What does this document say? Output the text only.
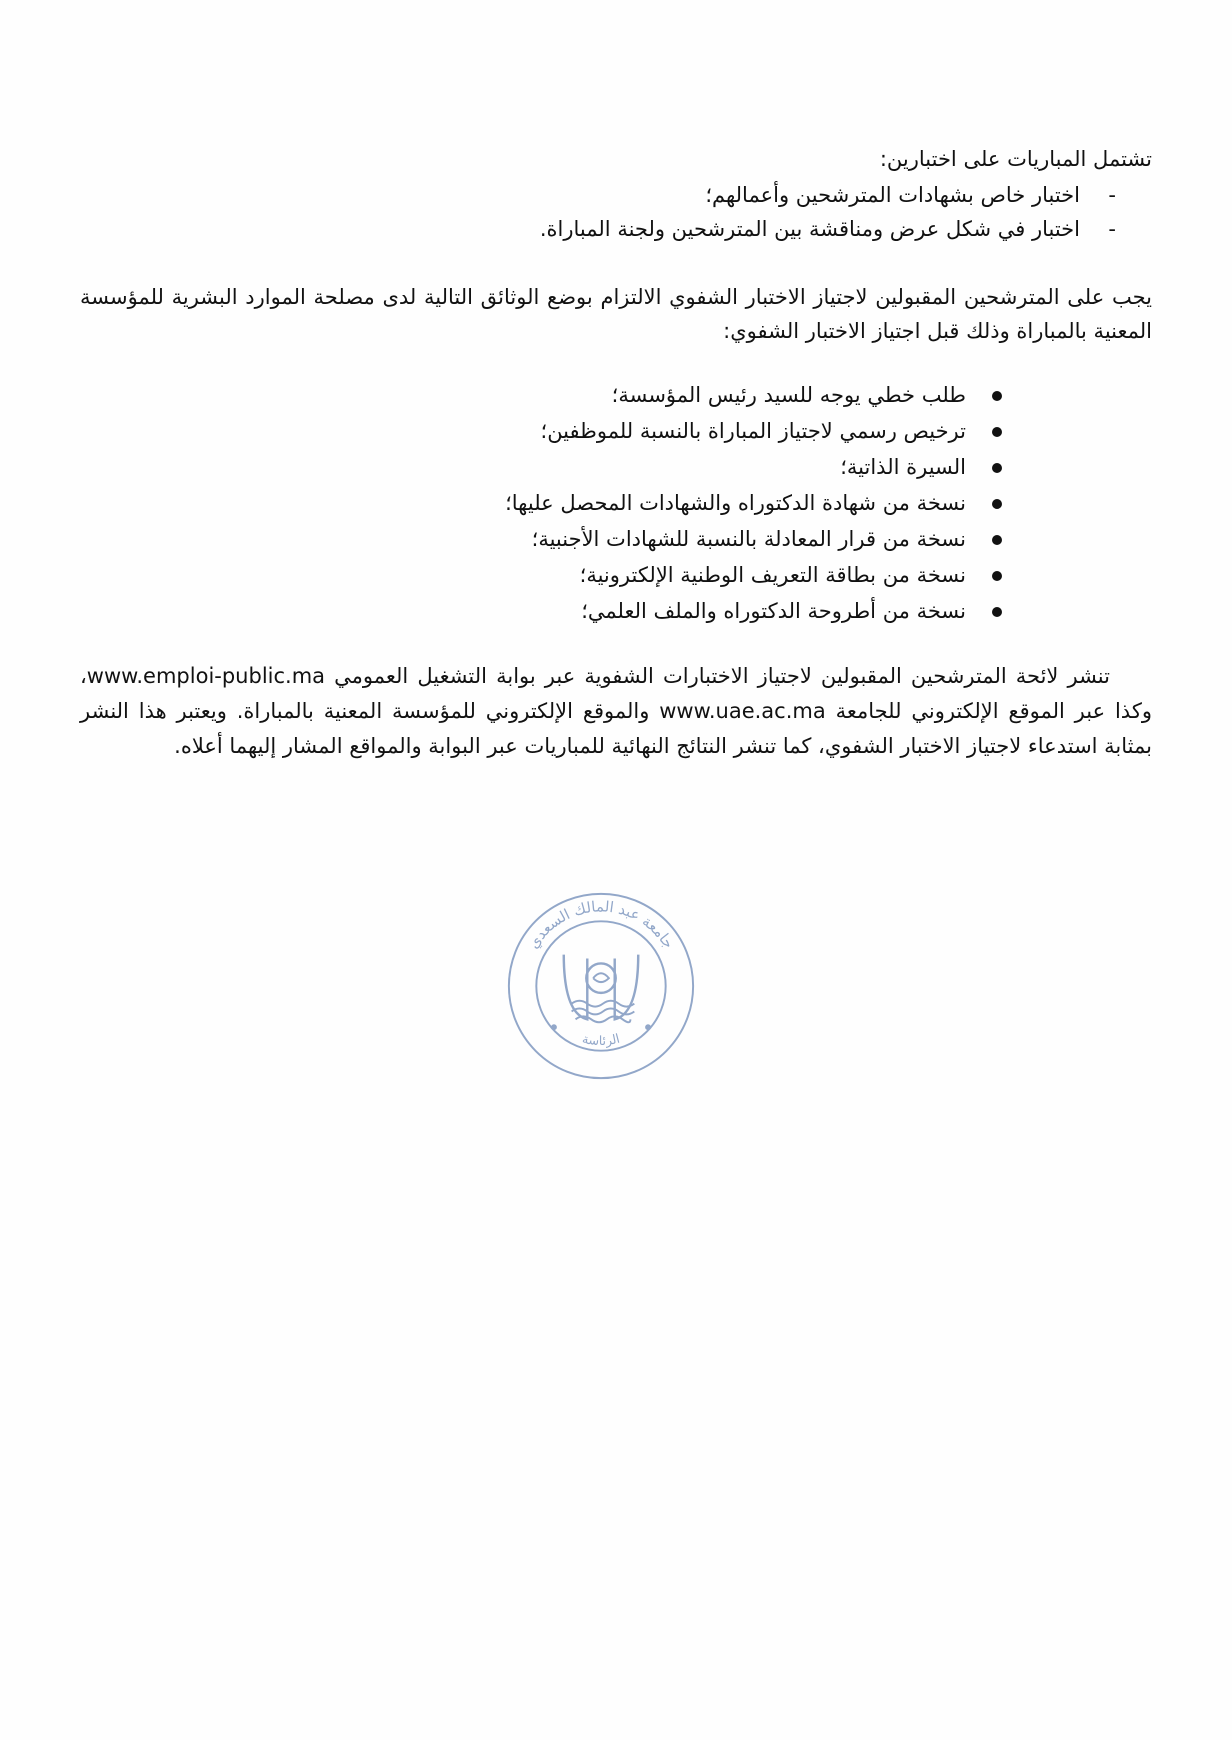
تشتمل المباريات على اختبارين:

-
اختبار خاص بشهادات المترشحين وأعمالهم؛
-
اختبار في شكل عرض ومناقشة بين المترشحين ولجنة المباراة.

يجب على المترشحين المقبولين لاجتياز الاختبار الشفوي الالتزام بوضع الوثائق التالية لدى مصلحة الموارد البشرية للمؤسسة المعنية بالمباراة وذلك قبل اجتياز الاختبار الشفوي:

طلب خطي يوجه للسيد رئيس المؤسسة؛
ترخيص رسمي لاجتياز المباراة بالنسبة للموظفين؛
السيرة الذاتية؛
نسخة من شهادة الدكتوراه والشهادات المحصل عليها؛
نسخة من قرار المعادلة بالنسبة للشهادات الأجنبية؛
نسخة من بطاقة التعريف الوطنية الإلكترونية؛
نسخة من أطروحة الدكتوراه والملف العلمي؛

تنشر لائحة المترشحين المقبولين لاجتياز الاختبارات الشفوية عبر بوابة التشغيل العمومي www.emploi-public.ma، وكذا عبر الموقع الإلكتروني للجامعة www.uae.ac.ma والموقع الإلكتروني للمؤسسة المعنية بالمباراة. ويعتبر هذا النشر بمثابة استدعاء لاجتياز الاختبار الشفوي، كما تنشر النتائج النهائية للمباريات عبر البوابة والمواقع المشار إليهما أعلاه.

جامعة عبد المالك السعدي
الرئاسة
